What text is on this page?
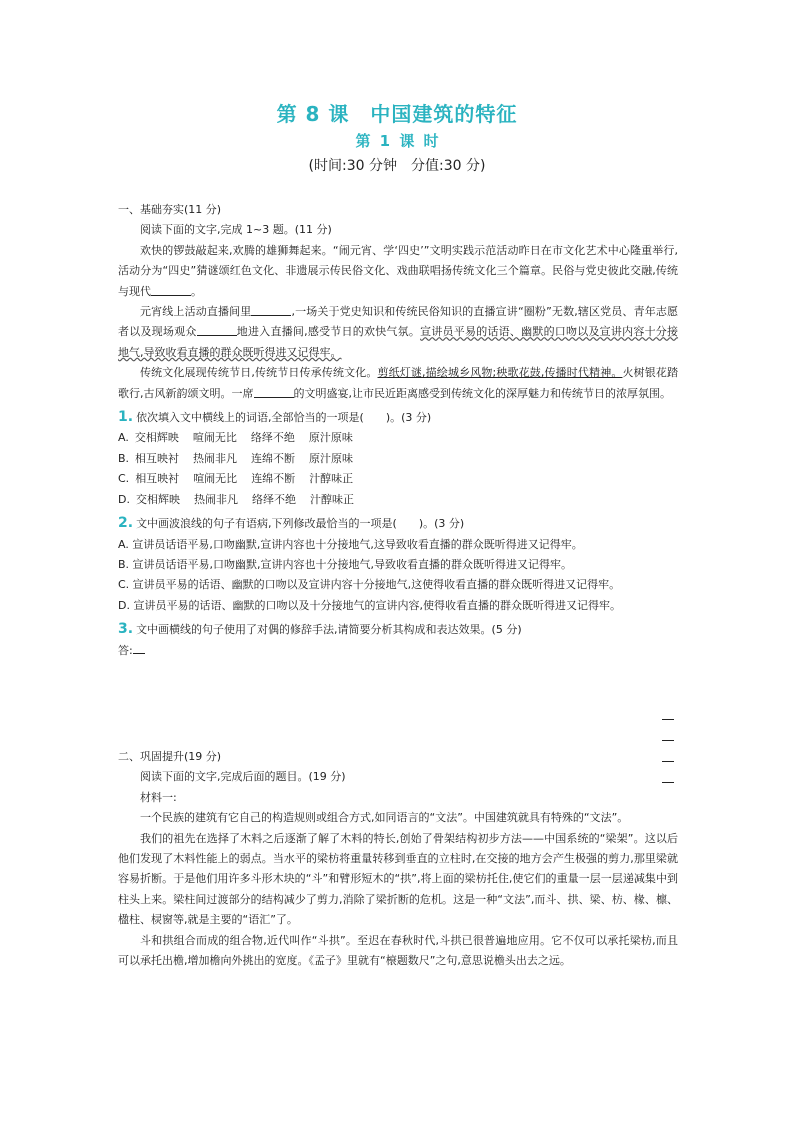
第 8 课　中国建筑的特征
第 1 课 时
(时间:30 分钟　分值:30 分)

一、基础夯实(11 分)

阅读下面的文字,完成 1~3 题。(11 分)

欢快的锣鼓敲起来,欢腾的雄狮舞起来。“闹元宵、学‘四史’”文明实践示范活动昨日在市文化艺术中心隆重举行,活动分为“四史”猜谜颂红色文化、非遗展示传民俗文化、戏曲联唱扬传统文化三个篇章。民俗与党史彼此交融,传统与现代	。

元宵线上活动直播间里	,一场关于党史知识和传统民俗知识的直播宣讲“圈粉”无数,辖区党员、青年志愿者以及现场观众	地进入直播间,感受节日的欢快气氛。宣讲员平易的话语、幽默的口吻以及宣讲内容十分接地气,导致收看直播的群众既听得进又记得牢。

传统文化展现传统节日,传统节日传承传统文化。剪纸灯谜,描绘城乡风物;秧歌花鼓,传播时代精神。火树银花踏歌行,古风新韵颂文明。一席	的文明盛宴,让市民近距离感受到传统文化的深厚魅力和传统节日的浓厚氛围。

1. 依次填入文中横线上的词语,全部恰当的一项是(　　)。(3 分)

A. 交相辉映 喧闹无比 络绎不绝 原汁原味

B. 相互映衬 热闹非凡 连绵不断 原汁原味

C. 相互映衬 喧闹无比 连绵不断 汁醇味正

D. 交相辉映 热闹非凡 络绎不绝 汁醇味正

2. 文中画波浪线的句子有语病,下列修改最恰当的一项是(　　)。(3 分)

A. 宣讲员话语平易,口吻幽默,宣讲内容也十分接地气,这导致收看直播的群众既听得进又记得牢。

B. 宣讲员话语平易,口吻幽默,宣讲内容也十分接地气,导致收看直播的群众既听得进又记得牢。

C. 宣讲员平易的话语、幽默的口吻以及宣讲内容十分接地气,这使得收看直播的群众既听得进又记得牢。

D. 宣讲员平易的话语、幽默的口吻以及十分接地气的宣讲内容,使得收看直播的群众既听得进又记得牢。

3. 文中画横线的句子使用了对偶的修辞手法,请简要分析其构成和表达效果。(5 分)

答:

二、巩固提升(19 分)

阅读下面的文字,完成后面的题目。(19 分)

材料一:

一个民族的建筑有它自己的构造规则或组合方式,如同语言的“文法”。中国建筑就具有特殊的“文法”。

我们的祖先在选择了木料之后逐渐了解了木料的特长,创始了骨架结构初步方法——中国系统的“梁架”。这以后他们发现了木料性能上的弱点。当水平的梁枋将重量转移到垂直的立柱时,在交接的地方会产生极强的剪力,那里梁就容易折断。于是他们用许多斗形木块的“斗”和臂形短木的“拱”,将上面的梁枋托住,使它们的重量一层一层递减集中到柱头上来。梁柱间过渡部分的结构减少了剪力,消除了梁折断的危机。这是一种“文法”,而斗、拱、梁、枋、椽、檩、楹柱、棂窗等,就是主要的“语汇”了。

斗和拱组合而成的组合物,近代叫作“斗拱”。至迟在春秋时代,斗拱已很普遍地应用。它不仅可以承托梁枋,而且可以承托出檐,增加檐向外挑出的宽度。《孟子》里就有“榱题数尺”之句,意思说檐头出去之远。
